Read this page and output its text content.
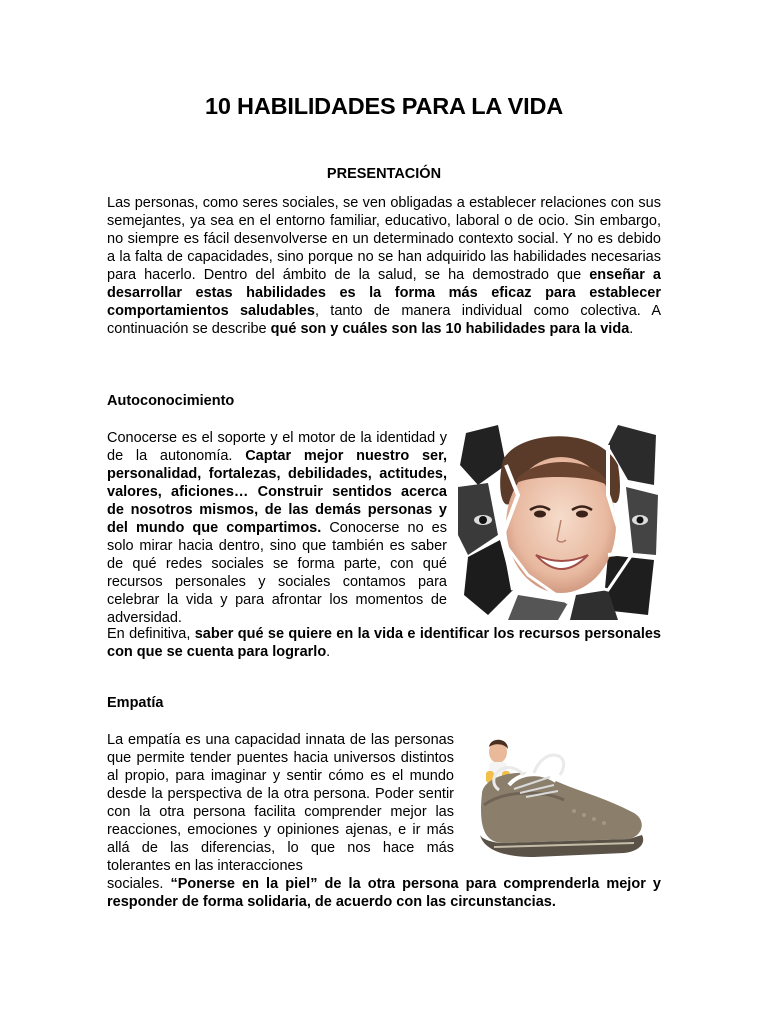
10 HABILIDADES PARA LA VIDA
PRESENTACIÓN
Las personas, como seres sociales, se ven obligadas a establecer relaciones con sus semejantes, ya sea en el entorno familiar, educativo, laboral o de ocio. Sin embargo, no siempre es fácil desenvolverse en un determinado contexto social. Y no es debido a la falta de capacidades, sino porque no se han adquirido las habilidades necesarias para hacerlo. Dentro del ámbito de la salud, se ha demostrado que enseñar a desarrollar estas habilidades es la forma más eficaz para establecer comportamientos saludables, tanto de manera individual como colectiva. A continuación se describe qué son y cuáles son las 10 habilidades para la vida.
Autoconocimiento
Conocerse es el soporte y el motor de la identidad y de la autonomía. Captar mejor nuestro ser, personalidad, fortalezas, debilidades, actitudes, valores, aficiones… Construir sentidos acerca de nosotros mismos, de las demás personas y del mundo que compartimos. Conocerse no es solo mirar hacia dentro, sino que también es saber de qué redes sociales se forma parte, con qué recursos personales y sociales contamos para celebrar la vida y para afrontar los momentos de adversidad.
En definitiva, saber qué se quiere en la vida e identificar los recursos personales con que se cuenta para lograrlo.
Empatía
La empatía es una capacidad innata de las personas que permite tender puentes hacia universos distintos al propio, para imaginar y sentir cómo es el mundo desde la perspectiva de la otra persona. Poder sentir con la otra persona facilita comprender mejor las reacciones, emociones y opiniones ajenas, e ir más allá de las diferencias, lo que nos hace más tolerantes en las interacciones
sociales. “Ponerse en la piel” de la otra persona para comprenderla mejor y responder de forma solidaria, de acuerdo con las circunstancias.
